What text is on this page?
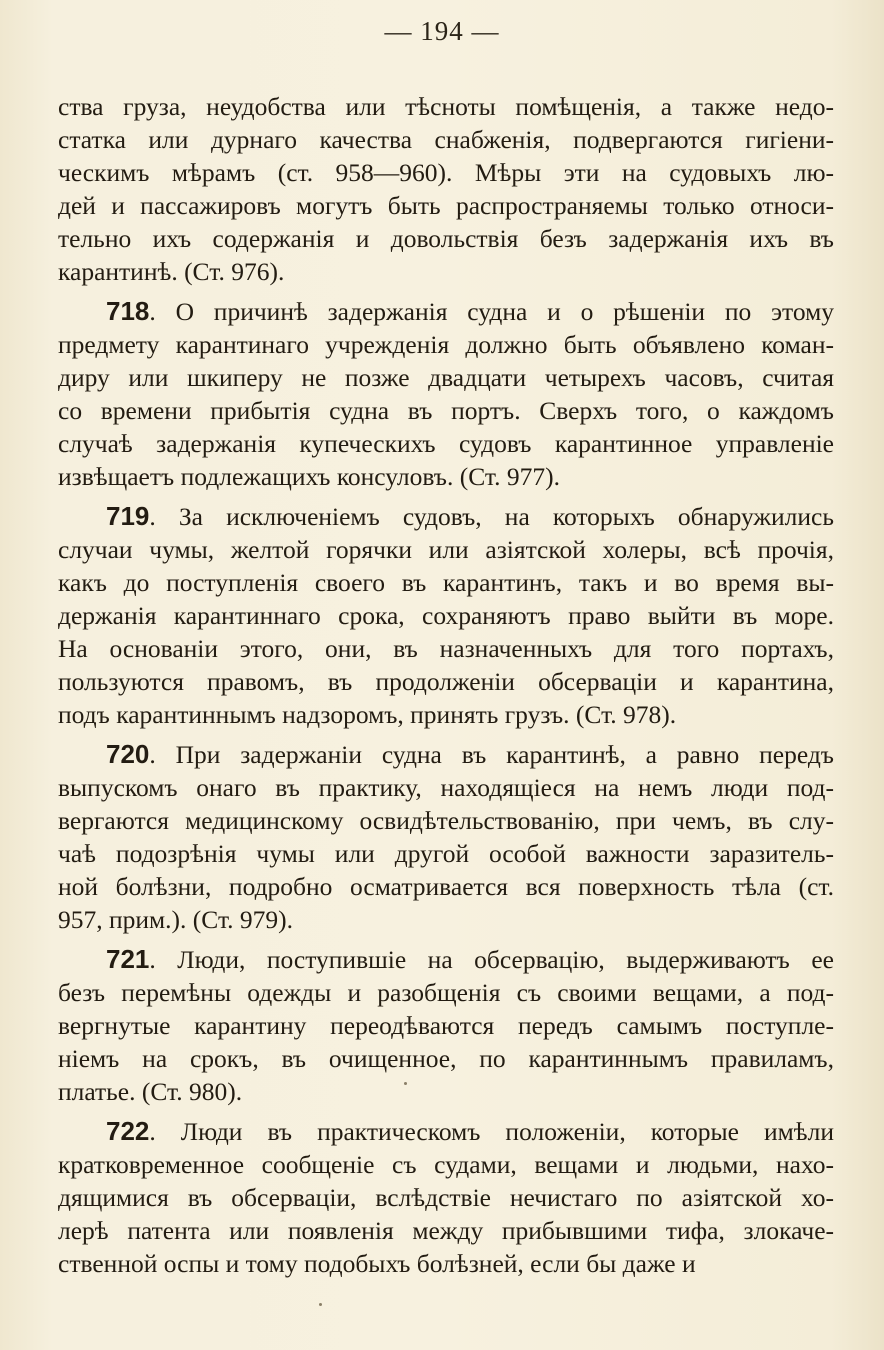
— 194 —
ства груза, неудобства или тѣсноты помѣщенія, а также недо-
статка или дурнаго качества снабженія, подвергаются гигіени-
ческимъ мѣрамъ (ст. 958—960). Мѣры эти на судовыхъ лю-
дей и пассажировъ могутъ быть распространяемы только относи-
тельно ихъ содержанія и довольствія безъ задержанія ихъ въ
карантинѣ. (Ст. 976).
718. О причинѣ задержанія судна и о рѣшеніи по этому
предмету карантинаго учрежденія должно быть объявлено коман-
диру или шкиперу не позже двадцати четырехъ часовъ, считая
со времени прибытія судна въ портъ. Сверхъ того, о каждомъ
случаѣ задержанія купеческихъ судовъ карантинное управленіе
извѣщаетъ подлежащихъ консуловъ. (Ст. 977).
719. За исключеніемъ судовъ, на которыхъ обнаружились
случаи чумы, желтой горячки или азіятской холеры, всѣ прочія,
какъ до поступленія своего въ карантинъ, такъ и во время вы-
держанія карантиннаго срока, сохраняютъ право выйти въ море.
На основаніи этого, они, въ назначенныхъ для того портахъ,
пользуются правомъ, въ продолженіи обсерваціи и карантина,
подъ карантиннымъ надзоромъ, принять грузъ. (Ст. 978).
720. При задержаніи судна въ карантинѣ, а равно передъ
выпускомъ онаго въ практику, находящіеся на немъ люди под-
вергаются медицинскому освидѣтельствованію, при чемъ, въ слу-
чаѣ подозрѣнія чумы или другой особой важности заразитель-
ной болѣзни, подробно осматривается вся поверхность тѣла (ст.
957, прим.). (Ст. 979).
721. Люди, поступившіе на обсервацію, выдерживаютъ ее
безъ перемѣны одежды и разобщенія съ своими вещами, а под-
вергнутые карантину переодѣваются передъ самымъ поступле-
ніемъ на срокъ, въ очищенное, по карантиннымъ правиламъ,
платье. (Ст. 980).
722. Люди въ практическомъ положеніи, которые имѣли
кратковременное сообщеніе съ судами, вещами и людьми, нахо-
дящимися въ обсерваціи, вслѣдствіе нечистаго по азіятской хо-
лерѣ патента или появленія между прибывшими тифа, злокаче-
ственной оспы и тому подобыхъ болѣзней, если бы даже и
